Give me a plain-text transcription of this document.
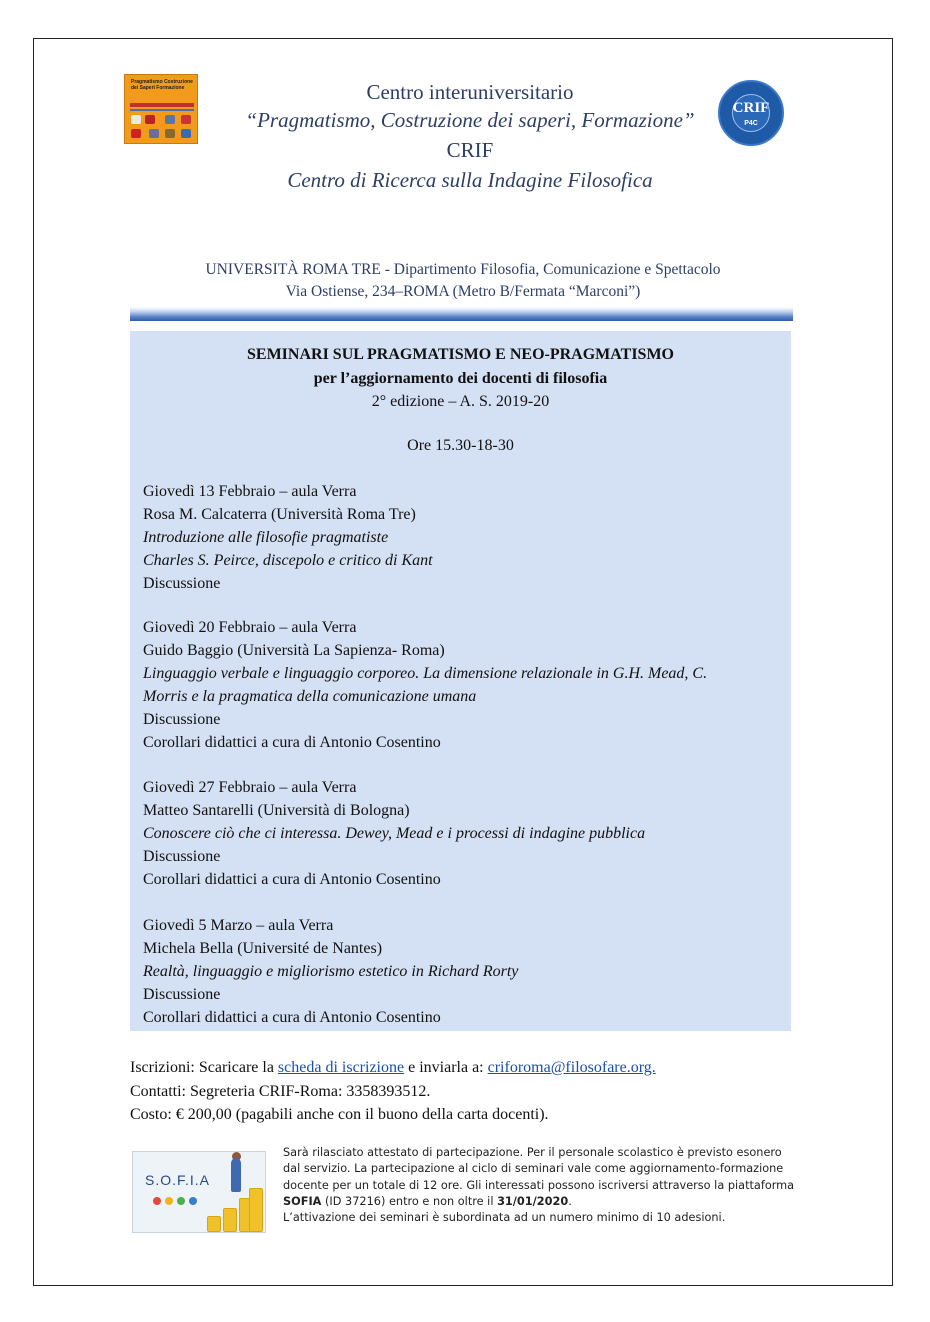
Pragmatismo Costruzione dei Saperi Formazione
CRIF
P4C
Centro interuniversitario
“Pragmatismo, Costruzione dei saperi, Formazione”
CRIF
Centro di Ricerca sulla Indagine Filosofica
UNIVERSITÀ ROMA TRE - Dipartimento Filosofia, Comunicazione e Spettacolo
Via Ostiense, 234–ROMA (Metro B/Fermata “Marconi”)
SEMINARI SUL PRAGMATISMO E NEO-PRAGMATISMO
per l’aggiornamento dei docenti di filosofia
2° edizione – A. S. 2019-20
Ore 15.30-18-30
Giovedì 13 Febbraio – aula Verra
Rosa M. Calcaterra (Università Roma Tre)
Introduzione alle filosofie pragmatiste
Charles S. Peirce, discepolo e critico di Kant
Discussione
Giovedì 20 Febbraio – aula Verra
Guido Baggio (Università La Sapienza- Roma)
Linguaggio verbale e linguaggio corporeo. La dimensione relazionale in G.H. Mead, C.
Morris e la pragmatica della comunicazione umana
Discussione
Corollari didattici a cura di Antonio Cosentino
Giovedì 27 Febbraio – aula Verra
Matteo Santarelli (Università di Bologna)
Conoscere ciò che ci interessa. Dewey, Mead e i processi di indagine pubblica
Discussione
Corollari didattici a cura di Antonio Cosentino
Giovedì 5 Marzo – aula Verra
Michela Bella (Université de Nantes)
Realtà, linguaggio e migliorismo estetico in Richard Rorty
Discussione
Corollari didattici a cura di Antonio Cosentino
Iscrizioni: Scaricare la scheda di iscrizione e inviarla a: criforoma@filosofare.org.
Contatti: Segreteria CRIF-Roma: 3358393512.
Costo: € 200,00 (pagabili anche con il buono della carta docenti).
S.O.F.I.A
Sarà rilasciato attestato di partecipazione. Per il personale scolastico è previsto esonero
dal servizio. La partecipazione al ciclo di seminari vale come aggiornamento-formazione
docente per un totale di 12 ore. Gli interessati possono iscriversi attraverso la piattaforma
SOFIA (ID 37216) entro e non oltre il 31/01/2020.
L’attivazione dei seminari è subordinata ad un numero minimo di 10 adesioni.
